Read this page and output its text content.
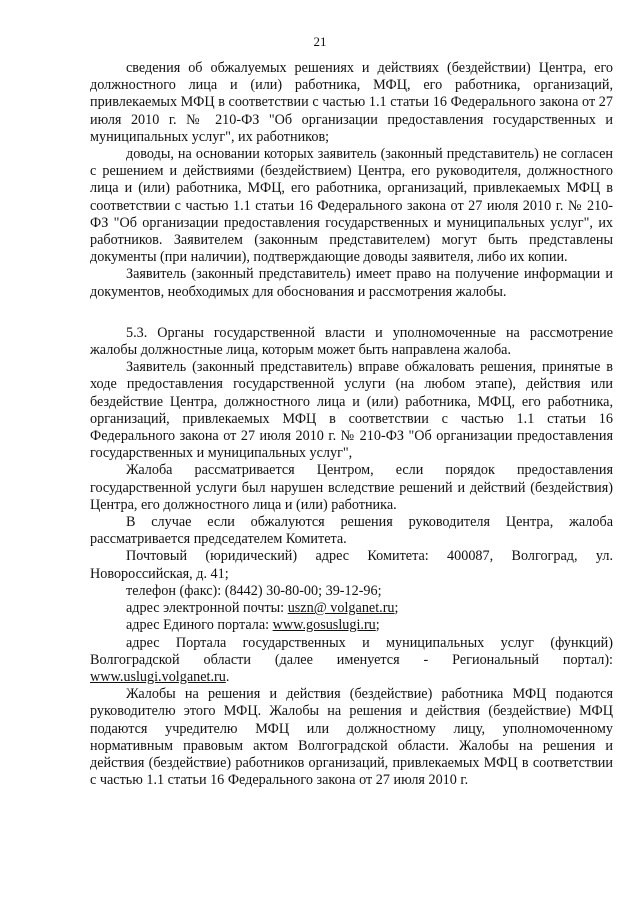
21

сведения об обжалуемых решениях и действиях (бездействии) Центра, его должностного лица и (или) работника, МФЦ, его работника, организаций, привлекаемых МФЦ в соответствии с частью 1.1 статьи 16 Федерального закона от 27 июля 2010 г. № 210-ФЗ "Об организации предоставления государственных и муниципальных услуг", их работников;

доводы, на основании которых заявитель (законный представитель) не согласен с решением и действиями (бездействием) Центра, его руководителя, должностного лица и (или) работника, МФЦ, его работника, организаций, привлекаемых МФЦ в соответствии с частью 1.1 статьи 16 Федерального закона от 27 июля 2010 г. № 210-ФЗ "Об организации предоставления государственных и муниципальных услуг", их работников. Заявителем (законным представителем) могут быть представлены документы (при наличии), подтверждающие доводы заявителя, либо их копии.

Заявитель (законный представитель) имеет право на получение информации и документов, необходимых для обоснования и рассмотрения жалобы.

5.3. Органы государственной власти и уполномоченные на рассмотрение жалобы должностные лица, которым может быть направлена жалоба.

Заявитель (законный представитель) вправе обжаловать решения, принятые в ходе предоставления государственной услуги (на любом этапе), действия или бездействие Центра, должностного лица и (или) работника, МФЦ, его работника, организаций, привлекаемых МФЦ в соответствии с частью 1.1 статьи 16 Федерального закона от 27 июля 2010 г. № 210-ФЗ "Об организации предоставления государственных и муниципальных услуг",

Жалоба рассматривается Центром, если порядок предоставления государственной услуги был нарушен вследствие решений и действий (бездействия) Центра, его должностного лица и (или) работника.

В случае если обжалуются решения руководителя Центра, жалоба рассматривается председателем Комитета.

Почтовый (юридический) адрес Комитета: 400087, Волгоград, ул. Новороссийская, д. 41;

телефон (факс): (8442) 30-80-00; 39-12-96;

адрес электронной почты: uszn@ volganet.ru;

адрес Единого портала: www.gosuslugi.ru;

адрес Портала государственных и муниципальных услуг (функций) Волгоградской области (далее именуется - Региональный портал): www.uslugi.volganet.ru.

Жалобы на решения и действия (бездействие) работника МФЦ подаются руководителю этого МФЦ. Жалобы на решения и действия (бездействие) МФЦ подаются учредителю МФЦ или должностному лицу, уполномоченному нормативным правовым актом Волгоградской области. Жалобы на решения и действия (бездействие) работников организаций, привлекаемых МФЦ в соответствии с частью 1.1 статьи 16 Федерального закона от 27 июля 2010 г.
